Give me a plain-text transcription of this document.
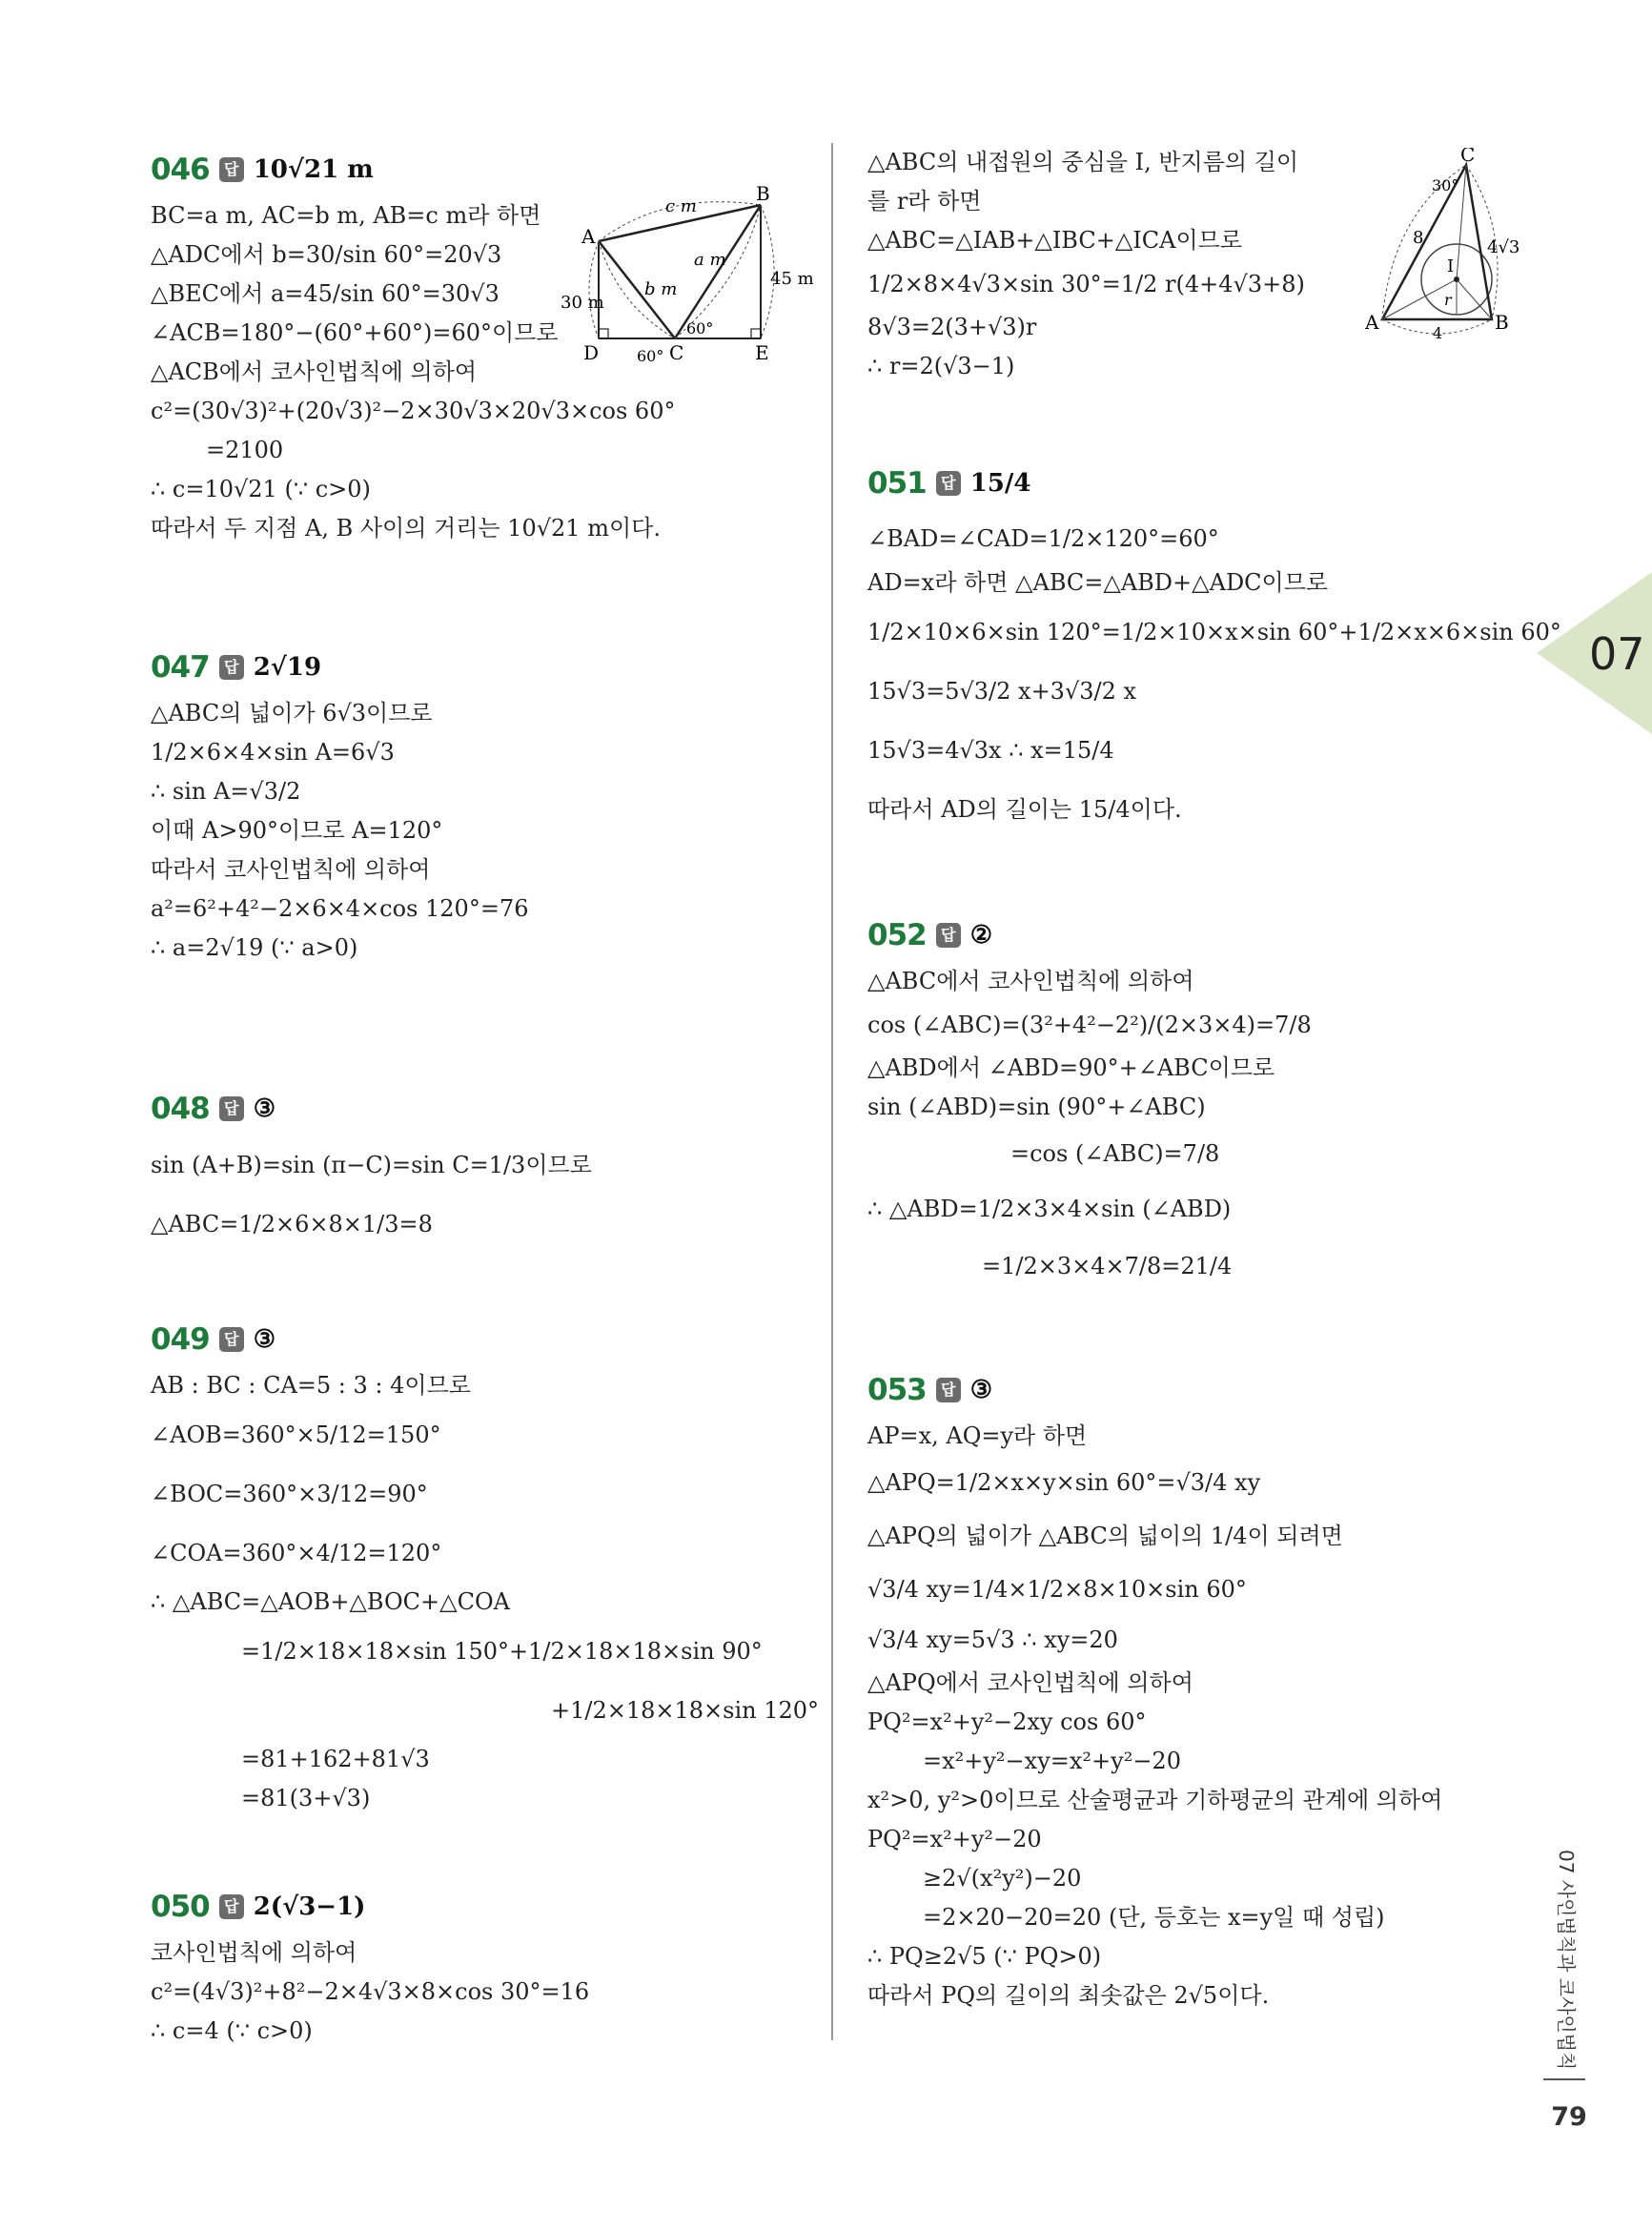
046 답 10√21 m
BC=a m, AC=b m, AB=c m라 하면
△ADC에서 b=30/sin 60°=20√3
△BEC에서 a=45/sin 60°=30√3
∠ACB=180°−(60°+60°)=60°이므로
△ACB에서 코사인법칙에 의하여
c²=(30√3)²+(20√3)²−2×30√3×20√3×cos 60°
=2100
∴ c=10√21 (∵ c>0)
따라서 두 지점 A, B 사이의 거리는 10√21 m이다.
A
B
C
D	E
c m
a m
b m
30 m
45 m
60°
60°
047 답 2√19
△ABC의 넓이가 6√3이므로
1/2×6×4×sin A=6√3
∴ sin A=√3/2
이때 A>90°이므로 A=120°
따라서 코사인법칙에 의하여
a²=6²+4²−2×6×4×cos 120°=76
∴ a=2√19 (∵ a>0)
048 답 ③
sin (A+B)=sin (π−C)=sin C=1/3이므로
△ABC=1/2×6×8×1/3=8
049 답 ③
AB : BC : CA=5 : 3 : 4이므로
∠AOB=360°×5/12=150°
∠BOC=360°×3/12=90°
∠COA=360°×4/12=120°
∴ △ABC=△AOB+△BOC+△COA
=1/2×18×18×sin 150°+1/2×18×18×sin 90°
+1/2×18×18×sin 120°
=81+162+81√3
=81(3+√3)
050 답 2(√3−1)
코사인법칙에 의하여
c²=(4√3)²+8²−2×4√3×8×cos 30°=16
∴ c=4 (∵ c>0)
△ABC의 내접원의 중심을 I, 반지름의 길이
를 r라 하면
△ABC=△IAB+△IBC+△ICA이므로
1/2×8×4√3×sin 30°=1/2 r(4+4√3+8)
8√3=2(3+√3)r
∴ r=2(√3−1)
A	B
C
I
8	4√3
4
r
30°
051 답 15/4
∠BAD=∠CAD=1/2×120°=60°
AD=x라 하면 △ABC=△ABD+△ADC이므로
1/2×10×6×sin 120°=1/2×10×x×sin 60°+1/2×x×6×sin 60°
15√3=5√3/2 x+3√3/2 x
15√3=4√3x ∴ x=15/4
따라서 AD의 길이는 15/4이다.
052 답 ②
△ABC에서 코사인법칙에 의하여
cos (∠ABC)=(3²+4²−2²)/(2×3×4)=7/8
△ABD에서 ∠ABD=90°+∠ABC이므로
sin (∠ABD)=sin (90°+∠ABC)
=cos (∠ABC)=7/8
∴ △ABD=1/2×3×4×sin (∠ABD)
=1/2×3×4×7/8=21/4
053 답 ③
AP=x, AQ=y라 하면
△APQ=1/2×x×y×sin 60°=√3/4 xy
△APQ의 넓이가 △ABC의 넓이의 1/4이 되려면
√3/4 xy=1/4×1/2×8×10×sin 60°
√3/4 xy=5√3 ∴ xy=20
△APQ에서 코사인법칙에 의하여
PQ²=x²+y²−2xy cos 60°
=x²+y²−xy=x²+y²−20
x²>0, y²>0이므로 산술평균과 기하평균의 관계에 의하여
PQ²=x²+y²−20
≥2√(x²y²)−20
=2×20−20=20 (단, 등호는 x=y일 때 성립)
∴ PQ≥2√5 (∵ PQ>0)
따라서 PQ의 길이의 최솟값은 2√5이다.
07
07 사인법칙과 코사인법칙
79
